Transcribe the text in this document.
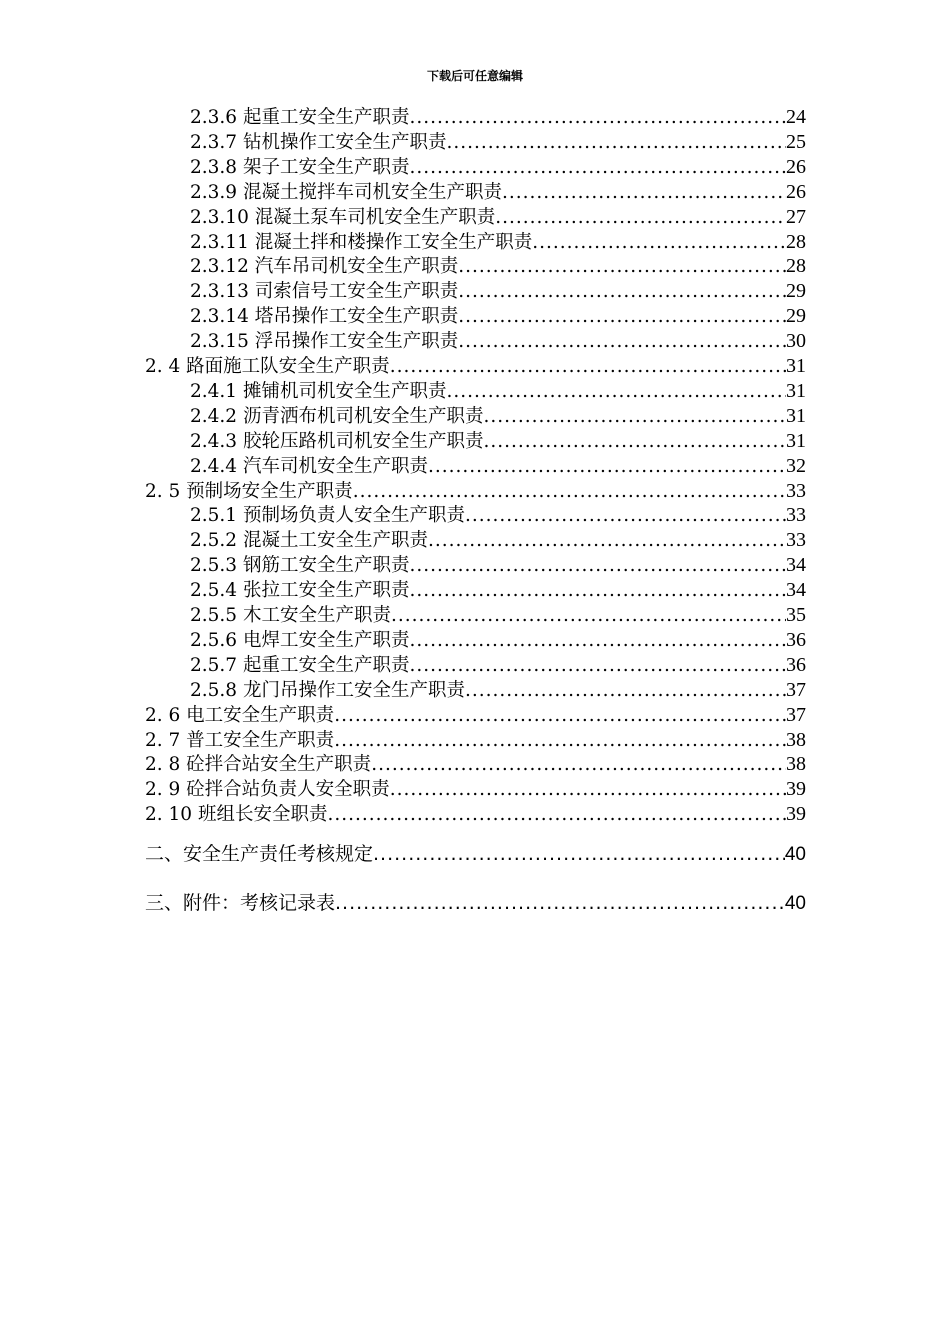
下载后可任意编辑
2.3.6 起重工安全生产职责 .....	24
2.3.7 钻机操作工安全生产职责 .....	25
2.3.8 架子工安全生产职责 .....	26
2.3.9 混凝土搅拌车司机安全生产职责 .....	26
2.3.10 混凝土泵车司机安全生产职责 .....	27
2.3.11 混凝土拌和楼操作工安全生产职责 .....	28
2.3.12 汽车吊司机安全生产职责 .....	28
2.3.13 司索信号工安全生产职责 .....	29
2.3.14 塔吊操作工安全生产职责 .....	29
2.3.15 浮吊操作工安全生产职责 .....	30
2. 4 路面施工队安全生产职责 .....	31
2.4.1 摊铺机司机安全生产职责 .....	31
2.4.2 沥青洒布机司机安全生产职责 .....	31
2.4.3 胶轮压路机司机安全生产职责 .....	31
2.4.4 汽车司机安全生产职责 .....	32
2. 5 预制场安全生产职责 .....	33
2.5.1 预制场负责人安全生产职责 .....	33
2.5.2 混凝土工安全生产职责 .....	33
2.5.3 钢筋工安全生产职责 .....	34
2.5.4 张拉工安全生产职责 .....	34
2.5.5 木工安全生产职责 .....	35
2.5.6 电焊工安全生产职责 .....	36
2.5.7 起重工安全生产职责 .....	36
2.5.8 龙门吊操作工安全生产职责 .....	37
2. 6 电工安全生产职责 .....	37
2. 7 普工安全生产职责 .....	38
2. 8 砼拌合站安全生产职责 .....	38
2. 9 砼拌合站负责人安全职责 .....	39
2. 10 班组长安全职责 .....	39
二、安全生产责任考核规定 .....	40
三、附件：考核记录表 .....	40
